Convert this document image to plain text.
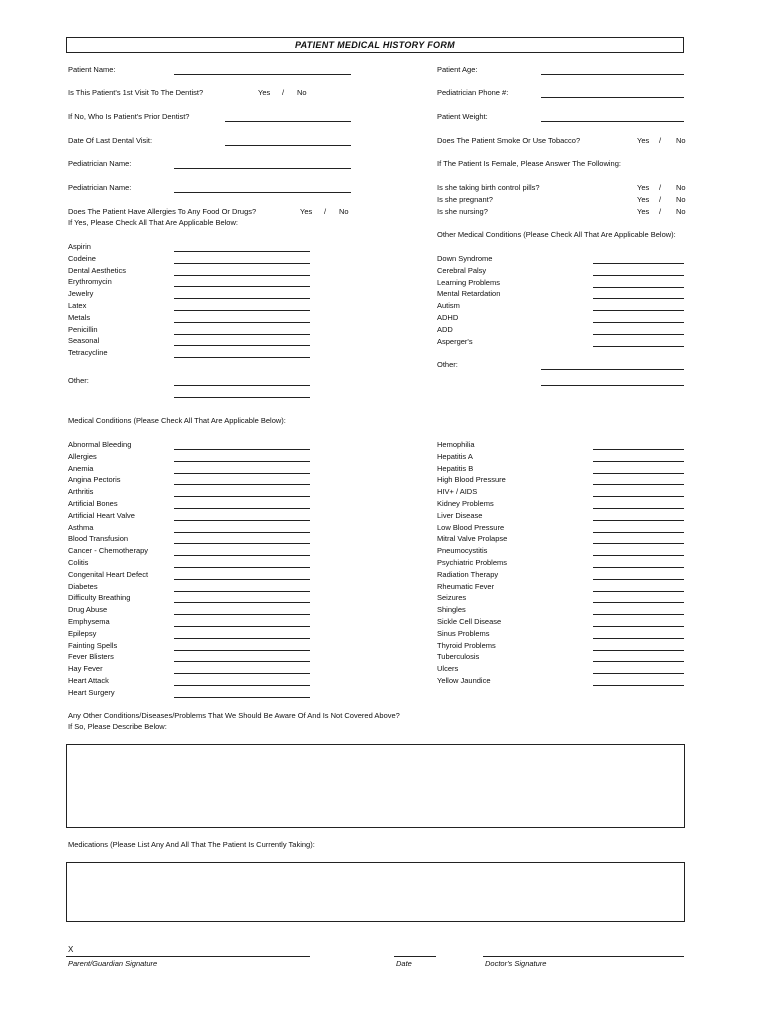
PATIENT MEDICAL HISTORY FORM
Patient Name:	Patient Age:
Is This Patient's 1st Visit To The Dentist?	Yes / No	Pediatrician Phone #:
If No, Who Is Patient's Prior Dentist?	Patient Weight:
Date Of Last Dental Visit:	Does The Patient Smoke Or Use Tobacco?	Yes / No
Pediatrician Name:	If The Patient Is Female, Please Answer The Following:
Pediatrician Name:	Is she taking birth control pills?	Yes / No
Is she pregnant?	Yes / No
Is she nursing?	Yes / No
Does The Patient Have Allergies To Any Food Or Drugs?	Yes / No
If Yes, Please Check All That Are Applicable Below:
Aspirin
Codeine
Dental Aesthetics
Erythromycin
Jewelry
Latex
Metals
Penicillin
Seasonal
Tetracycline
Other:
Other Medical Conditions (Please Check All That Are Applicable Below):
Down Syndrome
Cerebral Palsy
Learning Problems
Mental Retardation
Autism
ADHD
ADD
Asperger's
Other:
Medical Conditions (Please Check All That Are Applicable Below):
Abnormal Bleeding
Allergies
Anemia
Angina Pectoris
Arthritis
Artificial Bones
Artificial Heart Valve
Asthma
Blood Transfusion
Cancer - Chemotherapy
Colitis
Congenital Heart Defect
Diabetes
Difficulty Breathing
Drug Abuse
Emphysema
Epilepsy
Fainting Spells
Fever Blisters
Hay Fever
Heart Attack
Heart Surgery
Hemophilia
Hepatitis A
Hepatitis B
High Blood Pressure
HIV+ / AIDS
Kidney Problems
Liver Disease
Low Blood Pressure
Mitral Valve Prolapse
Pneumocystitis
Psychiatric Problems
Radiation Therapy
Rheumatic Fever
Seizures
Shingles
Sickle Cell Disease
Sinus Problems
Thyroid Problems
Tuberculosis
Ulcers
Yellow Jaundice
Any Other Conditions/Diseases/Problems That We Should Be Aware Of And Is Not Covered Above?
If So, Please Describe Below:
Medications (Please List Any And All That The Patient Is Currently Taking):
X
Parent/Guardian Signature	Date	Doctor's Signature
